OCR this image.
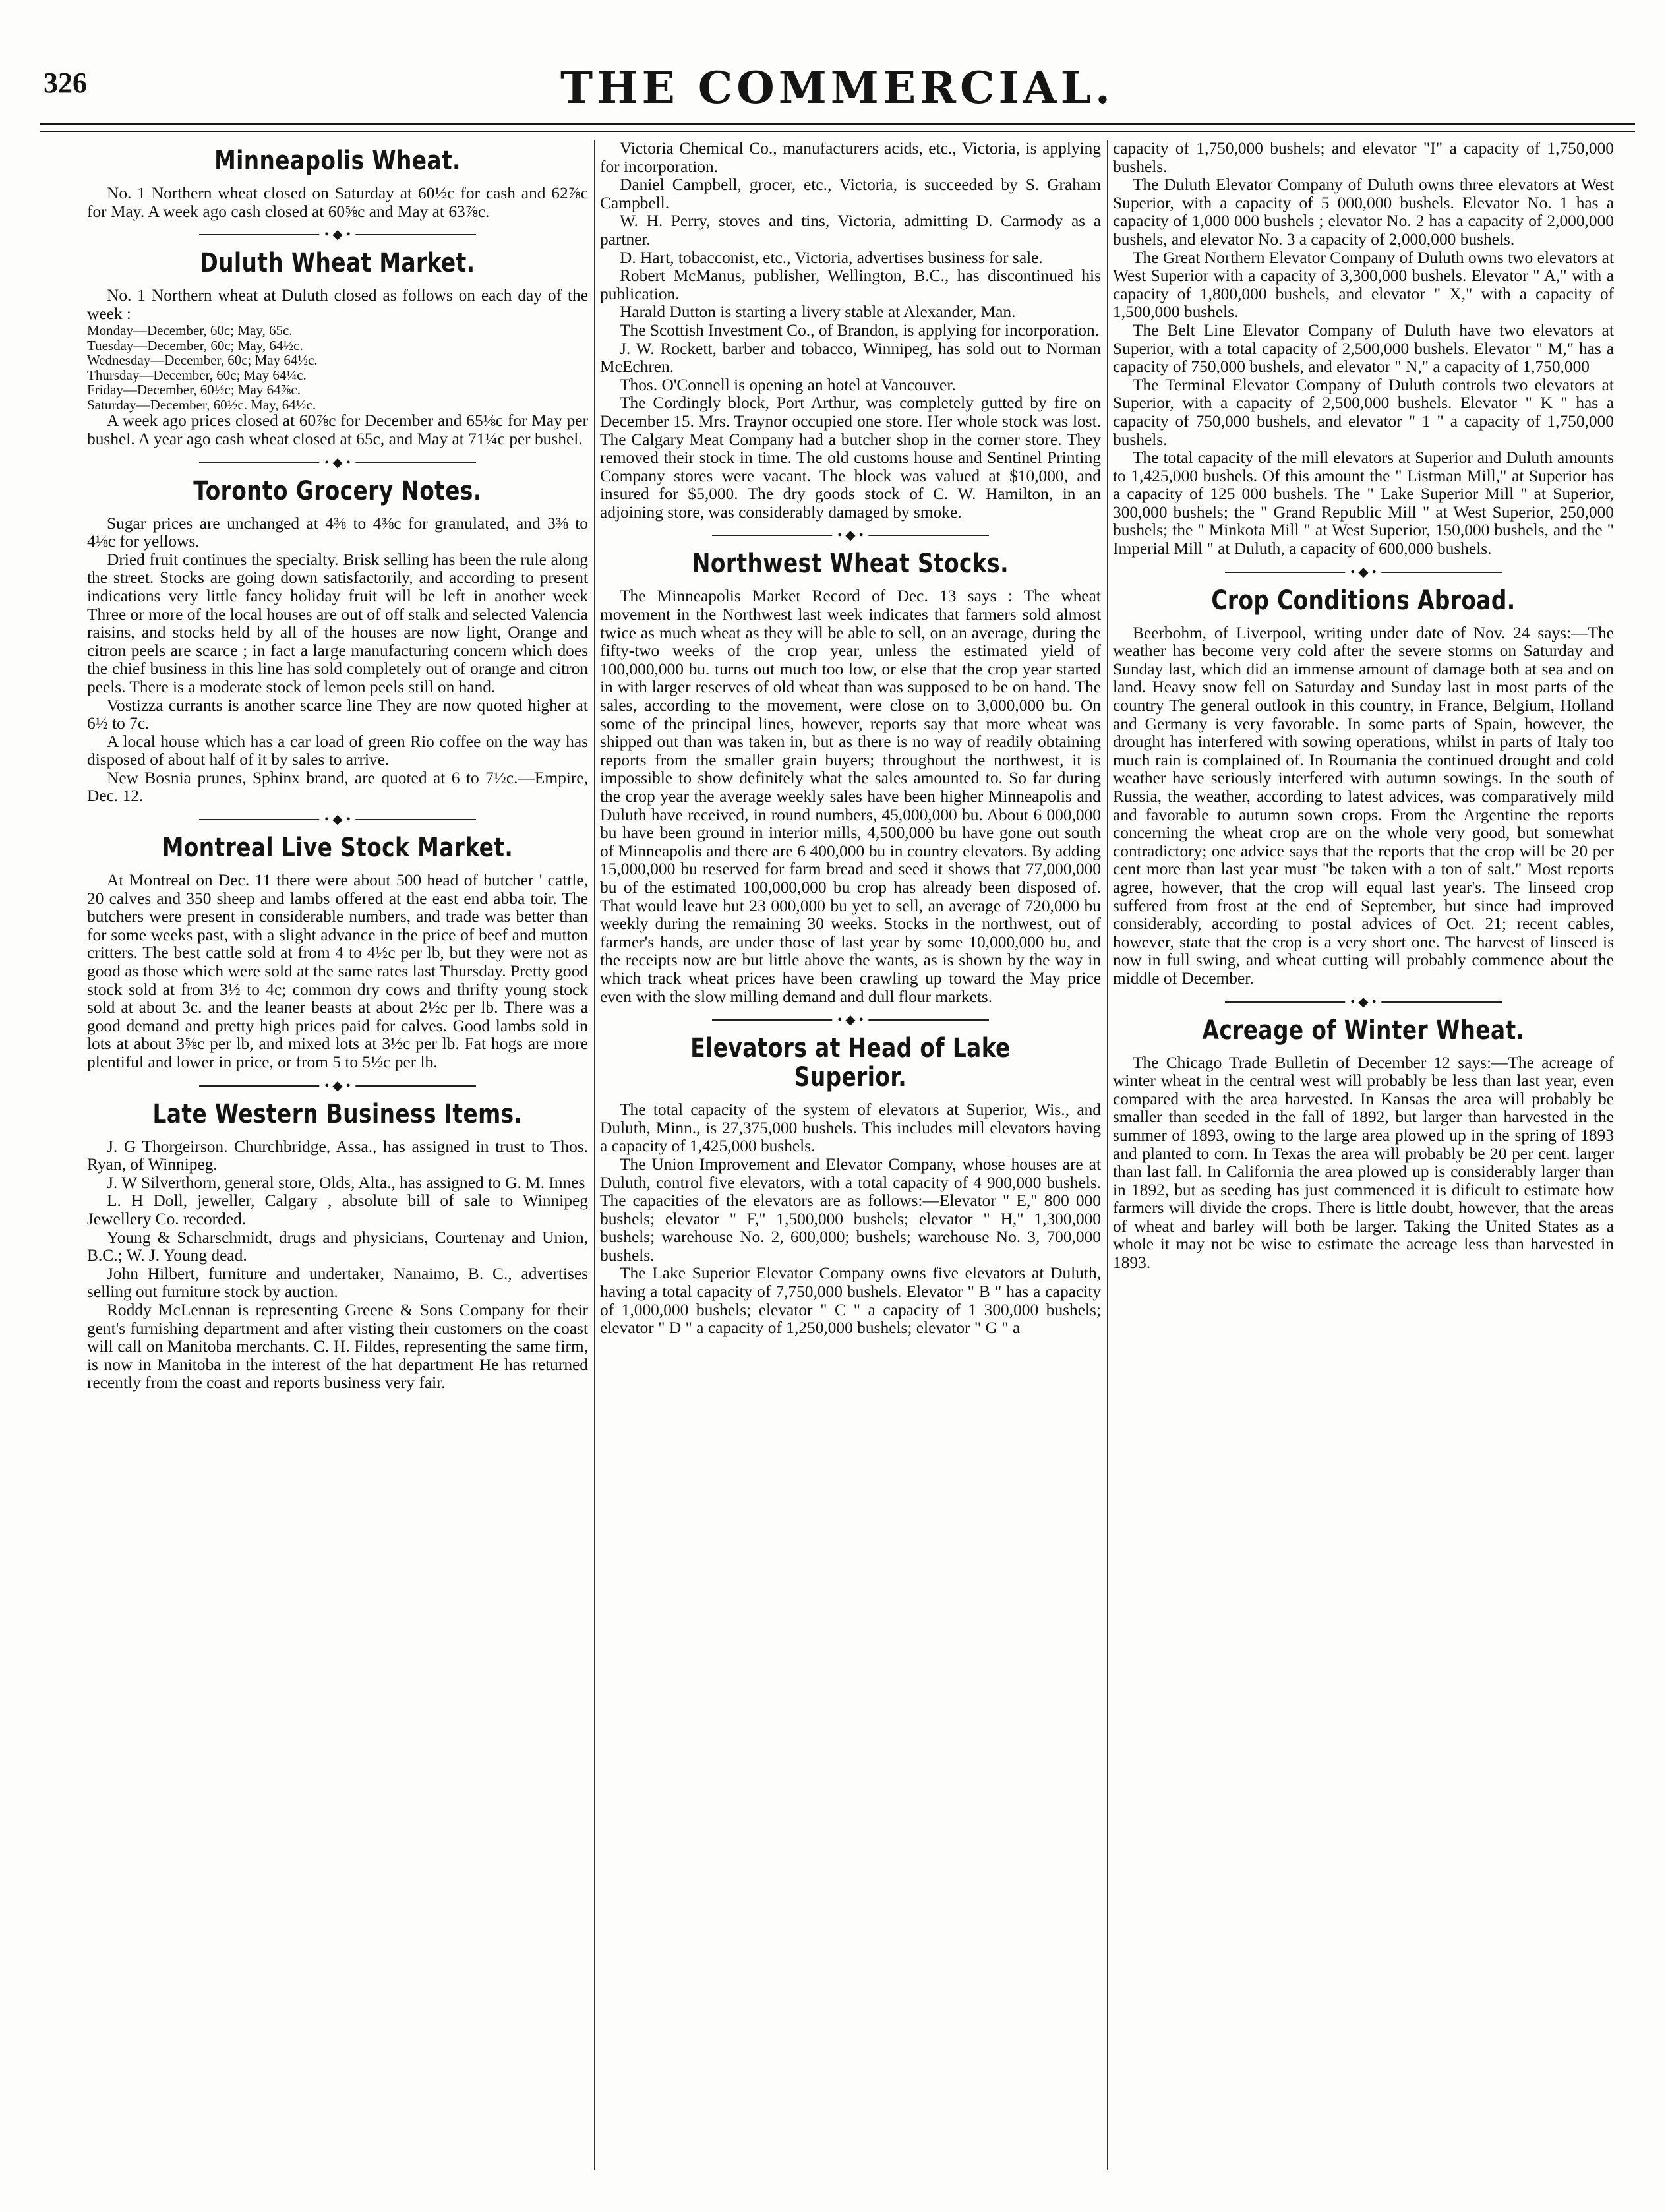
326	THE COMMERCIAL.
Minneapolis Wheat.

No. 1 Northern wheat closed on Saturday at 60½c for cash and 62⅞c for May. A week ago cash closed at 60⅝c and May at 63⅞c.

• ◆ •
Duluth Wheat Market.

No. 1 Northern wheat at Duluth closed as follows on each day of the week :

Monday—December, 60c; May, 65c.

Tuesday—December, 60c; May, 64½c.

Wednesday—December, 60c; May 64½c.

Thursday—December, 60c; May 64¼c.

Friday—December, 60½c; May 64⅞c.

Saturday—December, 60½c. May, 64½c.

A week ago prices closed at 60⅞c for December and 65⅛c for May per bushel. A year ago cash wheat closed at 65c, and May at 71¼c per bushel.

• ◆ •
Toronto Grocery Notes.

Sugar prices are unchanged at 4⅜ to 4⅜c for granulated, and 3⅜ to 4⅛c for yellows.

Dried fruit continues the specialty. Brisk selling has been the rule along the street. Stocks are going down satisfactorily, and according to present indications very little fancy holiday fruit will be left in another week Three or more of the local houses are out of off stalk and selected Valencia raisins, and stocks held by all of the houses are now light, Orange and citron peels are scarce ; in fact a large manufacturing concern which does the chief business in this line has sold completely out of orange and citron peels. There is a moderate stock of lemon peels still on hand.

Vostizza currants is another scarce line They are now quoted higher at 6½ to 7c.

A local house which has a car load of green Rio coffee on the way has disposed of about half of it by sales to arrive.

New Bosnia prunes, Sphinx brand, are quoted at 6 to 7½c.—Empire, Dec. 12.

• ◆ •
Montreal Live Stock Market.

At Montreal on Dec. 11 there were about 500 head of butcher ' cattle, 20 calves and 350 sheep and lambs offered at the east end abba toir. The butchers were present in considerable numbers, and trade was better than for some weeks past, with a slight advance in the price of beef and mutton critters. The best cattle sold at from 4 to 4½c per lb, but they were not as good as those which were sold at the same rates last Thursday. Pretty good stock sold at from 3½ to 4c; common dry cows and thrifty young stock sold at about 3c. and the leaner beasts at about 2½c per lb. There was a good demand and pretty high prices paid for calves. Good lambs sold in lots at about 3⅝c per lb, and mixed lots at 3½c per lb. Fat hogs are more plentiful and lower in price, or from 5 to 5½c per lb.

• ◆ •
Late Western Business Items.

J. G Thorgeirson. Churchbridge, Assa., has assigned in trust to Thos. Ryan, of Winnipeg.

J. W Silverthorn, general store, Olds, Alta., has assigned to G. M. Innes

L. H Doll, jeweller, Calgary , absolute bill of sale to Winnipeg Jewellery Co. recorded.

Young & Scharschmidt, drugs and physicians, Courtenay and Union, B.C.; W. J. Young dead.

John Hilbert, furniture and undertaker, Nanaimo, B. C., advertises selling out furniture stock by auction.

Roddy McLennan is representing Greene & Sons Company for their gent's furnishing department and after visting their customers on the coast will call on Manitoba merchants. C. H. Fildes, representing the same firm, is now in Manitoba in the interest of the hat department He has returned recently from the coast and reports business very fair.

Victoria Chemical Co., manufacturers acids, etc., Victoria, is applying for incorporation.

Daniel Campbell, grocer, etc., Victoria, is succeeded by S. Graham Campbell.

W. H. Perry, stoves and tins, Victoria, admitting D. Carmody as a partner.

D. Hart, tobacconist, etc., Victoria, advertises business for sale.

Robert McManus, publisher, Wellington, B.C., has discontinued his publication.

Harald Dutton is starting a livery stable at Alexander, Man.

The Scottish Investment Co., of Brandon, is applying for incorporation.

J. W. Rockett, barber and tobacco, Winnipeg, has sold out to Norman McEchren.

Thos. O'Connell is opening an hotel at Vancouver.

The Cordingly block, Port Arthur, was completely gutted by fire on December 15. Mrs. Traynor occupied one store. Her whole stock was lost. The Calgary Meat Company had a butcher shop in the corner store. They removed their stock in time. The old customs house and Sentinel Printing Company stores were vacant. The block was valued at $10,000, and insured for $5,000. The dry goods stock of C. W. Hamilton, in an adjoining store, was considerably damaged by smoke.

• ◆ •
Northwest Wheat Stocks.

The Minneapolis Market Record of Dec. 13 says : The wheat movement in the Northwest last week indicates that farmers sold almost twice as much wheat as they will be able to sell, on an average, during the fifty-two weeks of the crop year, unless the estimated yield of 100,000,000 bu. turns out much too low, or else that the crop year started in with larger reserves of old wheat than was supposed to be on hand. The sales, according to the movement, were close on to 3,000,000 bu. On some of the principal lines, however, reports say that more wheat was shipped out than was taken in, but as there is no way of readily obtaining reports from the smaller grain buyers; throughout the northwest, it is impossible to show definitely what the sales amounted to. So far during the crop year the average weekly sales have been higher Minneapolis and Duluth have received, in round numbers, 45,000,000 bu. About 6 000,000 bu have been ground in interior mills, 4,500,000 bu have gone out south of Minneapolis and there are 6 400,000 bu in country elevators. By adding 15,000,000 bu reserved for farm bread and seed it shows that 77,000,000 bu of the estimated 100,000,000 bu crop has already been disposed of. That would leave but 23 000,000 bu yet to sell, an average of 720,000 bu weekly during the remaining 30 weeks. Stocks in the northwest, out of farmer's hands, are under those of last year by some 10,000,000 bu, and the receipts now are but little above the wants, as is shown by the way in which track wheat prices have been crawling up toward the May price even with the slow milling demand and dull flour markets.

• ◆ •
Elevators at Head of Lake Superior.

The total capacity of the system of elevators at Superior, Wis., and Duluth, Minn., is 27,375,000 bushels. This includes mill elevators having a capacity of 1,425,000 bushels.

The Union Improvement and Elevator Company, whose houses are at Duluth, control five elevators, with a total capacity of 4 900,000 bushels. The capacities of the elevators are as follows:—Elevator " E," 800 000 bushels; elevator " F," 1,500,000 bushels; elevator " H," 1,300,000 bushels; warehouse No. 2, 600,000; bushels; warehouse No. 3, 700,000 bushels.

The Lake Superior Elevator Company owns five elevators at Duluth, having a total capacity of 7,750,000 bushels. Elevator " B " has a capacity of 1,000,000 bushels; elevator " C " a capacity of 1 300,000 bushels; elevator " D " a capacity of 1,250,000 bushels; elevator " G " a

capacity of 1,750,000 bushels; and elevator "I" a capacity of 1,750,000 bushels.

The Duluth Elevator Company of Duluth owns three elevators at West Superior, with a capacity of 5 000,000 bushels. Elevator No. 1 has a capacity of 1,000 000 bushels ; elevator No. 2 has a capacity of 2,000,000 bushels, and elevator No. 3 a capacity of 2,000,000 bushels.

The Great Northern Elevator Company of Duluth owns two elevators at West Superior with a capacity of 3,300,000 bushels. Elevator " A," with a capacity of 1,800,000 bushels, and elevator " X," with a capacity of 1,500,000 bushels.

The Belt Line Elevator Company of Duluth have two elevators at Superior, with a total capacity of 2,500,000 bushels. Elevator " M," has a capacity of 750,000 bushels, and elevator " N," a capacity of 1,750,000

The Terminal Elevator Company of Duluth controls two elevators at Superior, with a capacity of 2,500,000 bushels. Elevator " K " has a capacity of 750,000 bushels, and elevator " 1 " a capacity of 1,750,000 bushels.

The total capacity of the mill elevators at Superior and Duluth amounts to 1,425,000 bushels. Of this amount the " Listman Mill," at Superior has a capacity of 125 000 bushels. The " Lake Superior Mill " at Superior, 300,000 bushels; the " Grand Republic Mill " at West Superior, 250,000 bushels; the " Minkota Mill " at West Superior, 150,000 bushels, and the " Imperial Mill " at Duluth, a capacity of 600,000 bushels.

• ◆ •
Crop Conditions Abroad.

Beerbohm, of Liverpool, writing under date of Nov. 24 says:—The weather has become very cold after the severe storms on Saturday and Sunday last, which did an immense amount of damage both at sea and on land. Heavy snow fell on Saturday and Sunday last in most parts of the country The general outlook in this country, in France, Belgium, Holland and Germany is very favorable. In some parts of Spain, however, the drought has interfered with sowing operations, whilst in parts of Italy too much rain is complained of. In Roumania the continued drought and cold weather have seriously interfered with autumn sowings. In the south of Russia, the weather, according to latest advices, was comparatively mild and favorable to autumn sown crops. From the Argentine the reports concerning the wheat crop are on the whole very good, but somewhat contradictory; one advice says that the reports that the crop will be 20 per cent more than last year must "be taken with a ton of salt." Most reports agree, however, that the crop will equal last year's. The linseed crop suffered from frost at the end of September, but since had improved considerably, according to postal advices of Oct. 21; recent cables, however, state that the crop is a very short one. The harvest of linseed is now in full swing, and wheat cutting will probably commence about the middle of December.

• ◆ •
Acreage of Winter Wheat.

The Chicago Trade Bulletin of December 12 says:—The acreage of winter wheat in the central west will probably be less than last year, even compared with the area harvested. In Kansas the area will probably be smaller than seeded in the fall of 1892, but larger than harvested in the summer of 1893, owing to the large area plowed up in the spring of 1893 and planted to corn. In Texas the area will probably be 20 per cent. larger than last fall. In California the area plowed up is considerably larger than in 1892, but as seeding has just commenced it is dificult to estimate how farmers will divide the crops. There is little doubt, however, that the areas of wheat and barley will both be larger. Taking the United States as a whole it may not be wise to estimate the acreage less than harvested in 1893.
